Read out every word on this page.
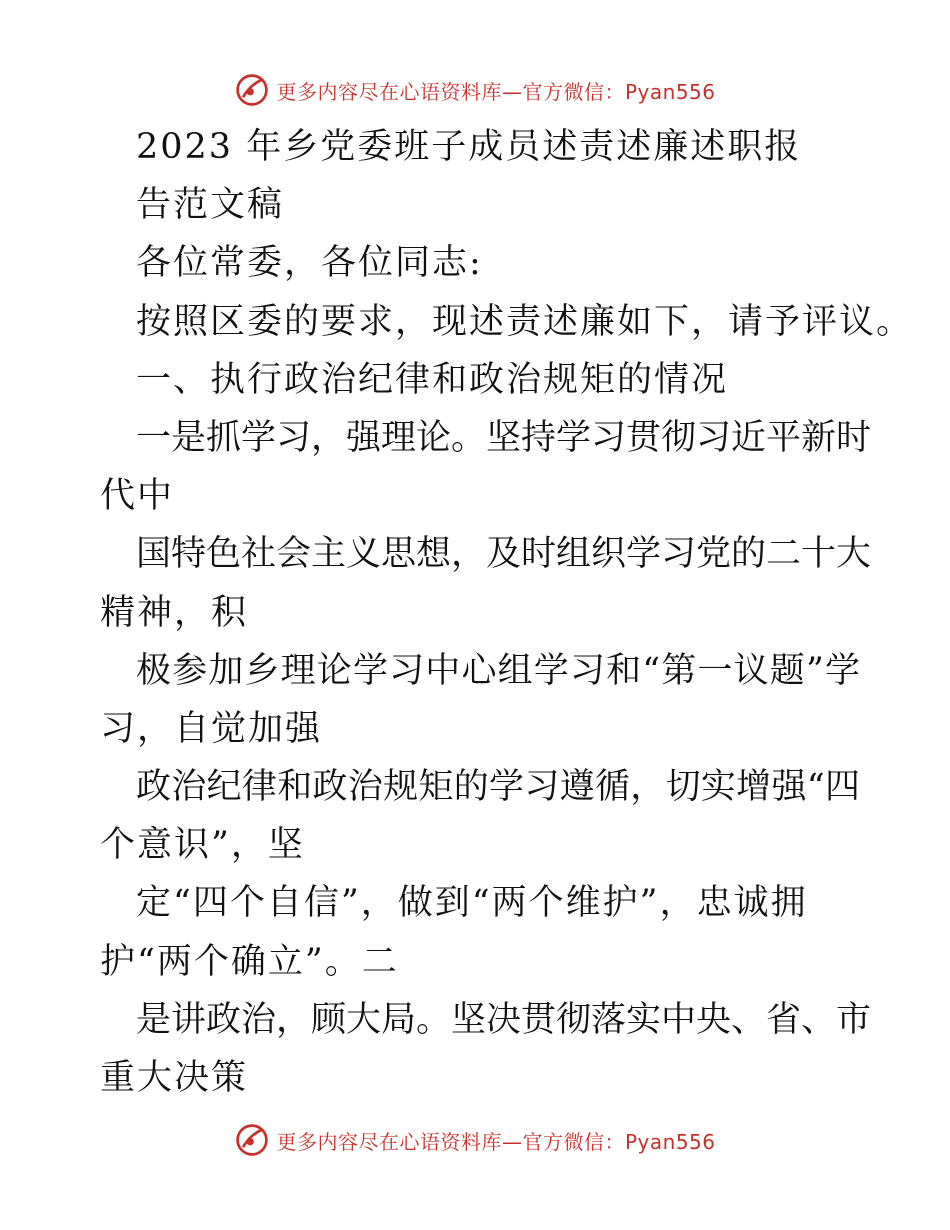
更多内容尽在心语资料库—官方微信：Pyan556
2023 年乡党委班子成员述责述廉述职报
告范文稿
各位常委，各位同志:
按照区委的要求，现述责述廉如下，请予评议。
一、执行政治纪律和政治规矩的情况
一是抓学习，强理论。坚持学习贯彻习近平新时
代中
国特色社会主义思想，及时组织学习党的二十大
精神，积
极参加乡理论学习中心组学习和“第一议题”学
习，自觉加强
政治纪律和政治规矩的学习遵循，切实增强“四
个意识”，坚
定“四个自信”，做到“两个维护”，忠诚拥
护“两个确立”。二
是讲政治，顾大局。坚决贯彻落实中央、省、市
重大决策
更多内容尽在心语资料库—官方微信：Pyan556
